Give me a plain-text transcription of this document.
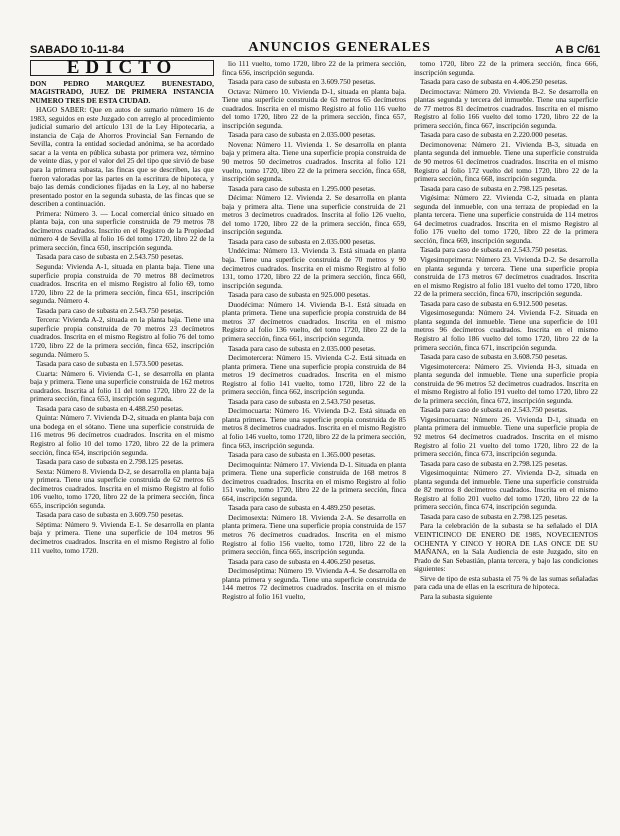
SABADO 10-11-84	ANUNCIOS GENERALES	A B C/61
EDICTO

DON PEDRO MARQUEZ BUENESTADO, MAGISTRADO, JUEZ DE PRIMERA INSTANCIA NUMERO TRES DE ESTA CIUDAD.

HAGO SABER: Que en autos de sumario número 16 de 1983, seguidos en este Juzgado con arreglo al procedimiento judicial sumario del artículo 131 de la Ley Hipotecaria, a instancia de Caja de Ahorros Provincial San Fernando de Sevilla, contra la entidad sociedad anónima, se ha acordado sacar a la venta en pública subasta por primera vez, término de veinte días, y por el valor del 25 del tipo que sirvió de base para la primera subasta, las fincas que se describen, las que fueron valoradas por las partes en la escritura de hipoteca, y bajo las demás condiciones fijadas en la Ley, al no haberse presentado postor en la segunda subasta, de las fincas que se describen a continuación.

Primera: Número 3. — Local comercial único situado en planta baja, con una superficie construida de 79 metros 78 decímetros cuadrados. Inscrito en el Registro de la Propiedad número 4 de Sevilla al folio 16 del tomo 1720, libro 22 de la primera sección, finca 650, inscripción segunda.

Tasada para caso de subasta en 2.543.750 pesetas.

Segunda: Vivienda A-1, situada en planta baja. Tiene una superficie propia construida de 70 metros 88 decímetros cuadrados. Inscrita en el mismo Registro al folio 69, tomo 1720, libro 22 de la primera sección, finca 651, inscripción segunda. Número 4.

Tasada para caso de subasta en 2.543.750 pesetas.

Tercera: Vivienda A-2, situada en la planta baja. Tiene una superficie propia construida de 70 metros 23 decímetros cuadrados. Inscrita en el mismo Registro al folio 76 del tomo 1720, libro 22 de la primera sección, finca 652, inscripción segunda. Número 5.

Tasada para caso de subasta en 1.573.500 pesetas.

Cuarta: Número 6. Vivienda C-1, se desarrolla en planta baja y primera. Tiene una superficie construida de 162 metros cuadrados. Inscrita al folio 11 del tomo 1720, libro 22 de la primera sección, finca 653, inscripción segunda.

Tasada para caso de subasta en 4.488.250 pesetas.

Quinta: Número 7. Vivienda D-2, situada en planta baja con una bodega en el sótano. Tiene una superficie construida de 116 metros 96 decímetros cuadrados. Inscrita en el mismo Registro al folio 10 del tomo 1720, libro 22 de la primera sección, finca 654, inscripción segunda.

Tasada para caso de subasta en 2.798.125 pesetas.

Sexta: Número 8. Vivienda D-2, se desarrolla en planta baja y primera. Tiene una superficie construida de 62 metros 65 decímetros cuadrados. Inscrita en el mismo Registro al folio 106 vuelto, tomo 1720, libro 22 de la primera sección, finca 655, inscripción segunda.

Tasada para caso de subasta en 3.609.750 pesetas.

Séptima: Número 9. Vivienda E-1. Se desarrolla en planta baja y primera. Tiene una superficie de 104 metros 96 decímetros cuadrados. Inscrita en el mismo Registro al folio 111 vuelto, tomo 1720.

lio 111 vuelto, tomo 1720, libro 22 de la primera sección, finca 656, inscripción segunda.

Tasada para caso de subasta en 3.609.750 pesetas.

Octava: Número 10. Vivienda D-1, situada en planta baja. Tiene una superficie construida de 63 metros 65 decímetros cuadrados. Inscrita en el mismo Registro al folio 116 vuelto del tomo 1720, libro 22 de la primera sección, finca 657, inscripción segunda.

Tasada para caso de subasta en 2.035.000 pesetas.

Novena: Número 11. Vivienda 1. Se desarrolla en planta baja y primera alta. Tiene una superficie propia construida de 90 metros 50 decímetros cuadrados. Inscrita al folio 121 vuelto, tomo 1720, libro 22 de la primera sección, finca 658, inscripción segunda.

Tasada para caso de subasta en 1.295.000 pesetas.

Décima: Número 12. Vivienda 2. Se desarrolla en planta baja y primera alta. Tiene una superficie construida de 21 metros 3 decímetros cuadrados. Inscrita al folio 126 vuelto, del tomo 1720, libro 22 de la primera sección, finca 659, inscripción segunda.

Tasada para caso de subasta en 2.035.000 pesetas.

Undécima: Número 13. Vivienda 3. Está situada en planta baja. Tiene una superficie construida de 70 metros y 90 decímetros cuadrados. Inscrita en el mismo Registro al folio 131, tomo 1720, libro 22 de la primera sección, finca 660, inscripción segunda.

Tasada para caso de subasta en 925.000 pesetas.

Duodécima: Número 14. Vivienda B-1. Está situada en planta primera. Tiene una superficie propia construida de 84 metros 37 decímetros cuadrados. Inscrita en el mismo Registro al folio 136 vuelto, del tomo 1720, libro 22 de la primera sección, finca 661, inscripción segunda.

Tasada para caso de subasta en 2.035.000 pesetas.

Decimotercera: Número 15. Vivienda C-2. Está situada en planta primera. Tiene una superficie propia construida de 84 metros 19 decímetros cuadrados. Inscrita en el mismo Registro al folio 141 vuelto, tomo 1720, libro 22 de la primera sección, finca 662, inscripción segunda.

Tasada para caso de subasta en 2.543.750 pesetas.

Decimocuarta: Número 16. Vivienda D-2. Está situada en planta primera. Tiene una superficie propia construida de 85 metros 8 decímetros cuadrados. Inscrita en el mismo Registro al folio 146 vuelto, tomo 1720, libro 22 de la primera sección, finca 663, inscripción segunda.

Tasada para caso de subasta en 1.365.000 pesetas.

Decimoquinta: Número 17. Vivienda D-1. Situada en planta primera. Tiene una superficie construida de 168 metros 8 decímetros cuadrados. Inscrita en el mismo Registro al folio 151 vuelto, tomo 1720, libro 22 de la primera sección, finca 664, inscripción segunda.

Tasada para caso de subasta en 4.489.250 pesetas.

Decimosexta: Número 18. Vivienda 2-A. Se desarrolla en planta primera. Tiene una superficie propia construida de 157 metros 76 decímetros cuadrados. Inscrita en el mismo Registro al folio 156 vuelto, tomo 1720, libro 22 de la primera sección, finca 665, inscripción segunda.

Tasada para caso de subasta en 4.406.250 pesetas.

Decimoséptima: Número 19. Vivienda A-4. Se desarrolla en planta primera y segunda. Tiene una superficie construida de 144 metros 72 decímetros cuadrados. Inscrita en el mismo Registro al folio 161 vuelto,

tomo 1720, libro 22 de la primera sección, finca 666, inscripción segunda.

Tasada para caso de subasta en 4.406.250 pesetas.

Decimoctava: Número 20. Vivienda B-2. Se desarrolla en plantas segunda y tercera del inmueble. Tiene una superficie de 77 metros 81 decímetros cuadrados. Inscrita en el mismo Registro al folio 166 vuelto del tomo 1720, libro 22 de la primera sección, finca 667, inscripción segunda.

Tasada para caso de subasta en 2.220.000 pesetas.

Decimonovena: Número 21. Vivienda B-3, situada en planta segunda del inmueble. Tiene una superficie construida de 90 metros 61 decímetros cuadrados. Inscrita en el mismo Registro al folio 172 vuelto del tomo 1720, libro 22 de la primera sección, finca 668, inscripción segunda.

Tasada para caso de subasta en 2.798.125 pesetas.

Vigésima: Número 22. Vivienda C-2, situada en planta segunda del inmueble, con una terraza de propiedad en la planta tercera. Tiene una superficie construida de 114 metros 64 decímetros cuadrados. Inscrita en el mismo Registro al folio 176 vuelto del tomo 1720, libro 22 de la primera sección, finca 669, inscripción segunda.

Tasada para caso de subasta en 2.543.750 pesetas.

Vigesimoprimera: Número 23. Vivienda D-2. Se desarrolla en planta segunda y tercera. Tiene una superficie propia construida de 173 metros 67 decímetros cuadrados. Inscrita en el mismo Registro al folio 181 vuelto del tomo 1720, libro 22 de la primera sección, finca 670, inscripción segunda.

Tasada para caso de subasta en 6.912.500 pesetas.

Vigesimosegunda: Número 24. Vivienda F-2. Situada en planta segunda del inmueble. Tiene una superficie de 101 metros 96 decímetros cuadrados. Inscrita en el mismo Registro al folio 186 vuelto del tomo 1720, libro 22 de la primera sección, finca 671, inscripción segunda.

Tasada para caso de subasta en 3.608.750 pesetas.

Vigesimotercera: Número 25. Vivienda H-3, situada en planta segunda del inmueble. Tiene una superficie propia construida de 96 metros 52 decímetros cuadrados. Inscrita en el mismo Registro al folio 191 vuelto del tomo 1720, libro 22 de la primera sección, finca 672, inscripción segunda.

Tasada para caso de subasta en 2.543.750 pesetas.

Vigesimocuarta: Número 26. Vivienda D-1, situada en planta primera del inmueble. Tiene una superficie propia de 92 metros 64 decímetros cuadrados. Inscrita en el mismo Registro al folio 21 vuelto del tomo 1720, libro 22 de la primera sección, finca 673, inscripción segunda.

Tasada para caso de subasta en 2.798.125 pesetas.

Vigesimoquinta: Número 27. Vivienda D-2, situada en planta segunda del inmueble. Tiene una superficie construida de 82 metros 8 decímetros cuadrados. Inscrita en el mismo Registro al folio 201 vuelto del tomo 1720, libro 22 de la primera sección, finca 674, inscripción segunda.

Tasada para caso de subasta en 2.798.125 pesetas.

Para la celebración de la subasta se ha señalado el DIA VEINTICINCO DE ENERO DE 1985, NOVECIENTOS OCHENTA Y CINCO Y HORA DE LAS ONCE DE SU MAÑANA, en la Sala Audiencia de este Juzgado, sito en Prado de San Sebastián, planta tercera, y bajo las condiciones siguientes:

Sirve de tipo de esta subasta el 75 % de las sumas señaladas para cada una de ellas en la escritura de hipoteca.

Para la subasta siguiente
